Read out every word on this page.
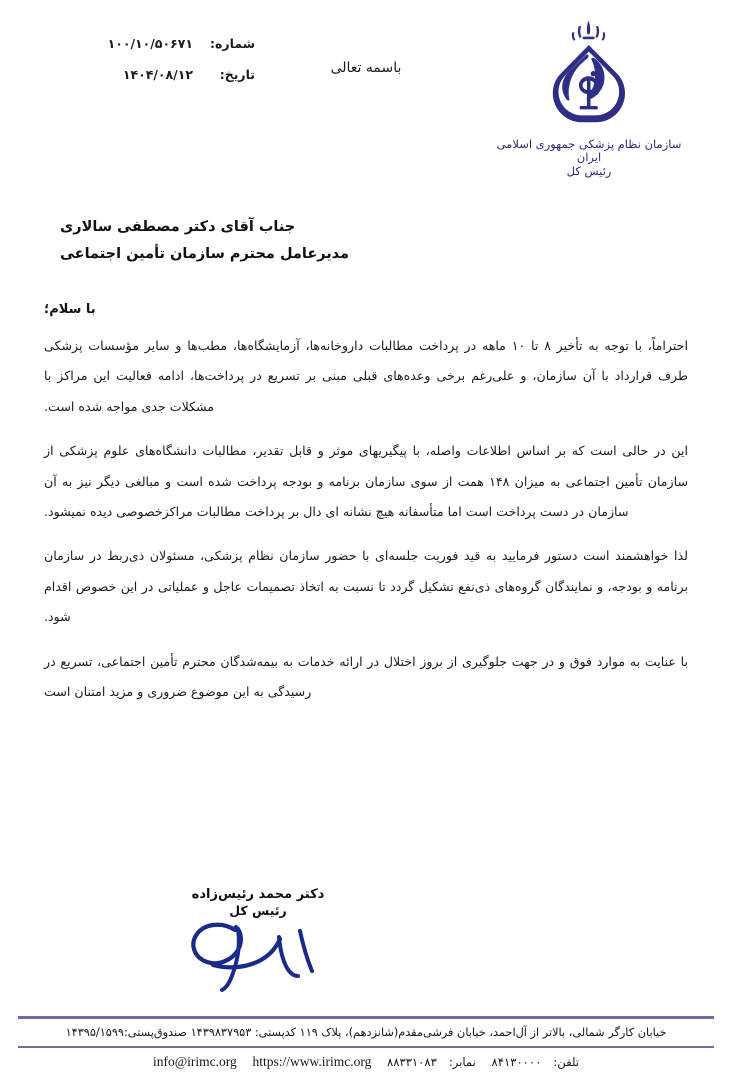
شماره:
۱۰۰/۱۰/۵۰۶۷۱
تاریخ:
۱۴۰۴/۰۸/۱۲	باسمه تعالی
سازمان نظام پزشکی جمهوری اسلامی ایران
رئیس کل
جناب آقای دکتر مصطفی سالاری
مدیرعامل محترم سازمان تأمین اجتماعی
با سلام؛

احتراماً، با توجه به تأخیر ۸ تا ۱۰ ماهه در پرداخت مطالبات داروخانه‌ها، آزمایشگاه‌ها، مطب‌ها و سایر مؤسسات پزشکی طرف قرارداد با آن سازمان، و علی‌رغم برخی وعده‌های قبلی مبنی بر تسریع در پرداخت‌ها، ادامه فعالیت این مراکز با مشکلات جدی مواجه شده است.

این در حالی است که بر اساس اطلاعات واصله، با پیگیریهای موثر و قابل تقدیر، مطالبات دانشگاه‌های علوم پزشکی از سازمان تأمین اجتماعی به میزان ۱۴۸ همت از سوی سازمان برنامه و بودجه پرداخت شده است و مبالغی دیگر نیز به آن سازمان در دست پرداخت است اما متأسفانه هیچ نشانه ای دال بر پرداخت مطالبات مراکزخصوصی دیده نمیشود.

لذا خواهشمند است دستور فرمایید به قید فوریت جلسه‌ای با حضور سازمان نظام پزشکی، مسئولان ذی‌ربط در سازمان برنامه و بودجه، و نمایندگان گروه‌های ذی‌نفع تشکیل گردد تا نسبت به اتخاذ تصمیمات عاجل و عملیاتی در این خصوص اقدام شود.

با عنایت به موارد فوق و در جهت جلوگیری از بروز اختلال در ارائه خدمات به بیمه‌شدگان محترم تأمین اجتماعی، تسریع در رسیدگی به این موضوع ضروری و مزید امتنان است

دکتر محمد رئیس‌زاده
رئیس کل
خیابان کارگر شمالی، بالاتر از آل‌احمد، خیابان فرشی‌مقدم(شانزدهم)، پلاک ۱۱۹ کدپستی: ۱۴۳۹۸۳۷۹۵۳ صندوق‌پستی:۱۴۳۹۵/۱۵۹۹
تلفن:۸۴۱۳۰۰۰۰ نمابر:۸۸۳۳۱۰۸۳ https://www.irimc.org info@irimc.org
